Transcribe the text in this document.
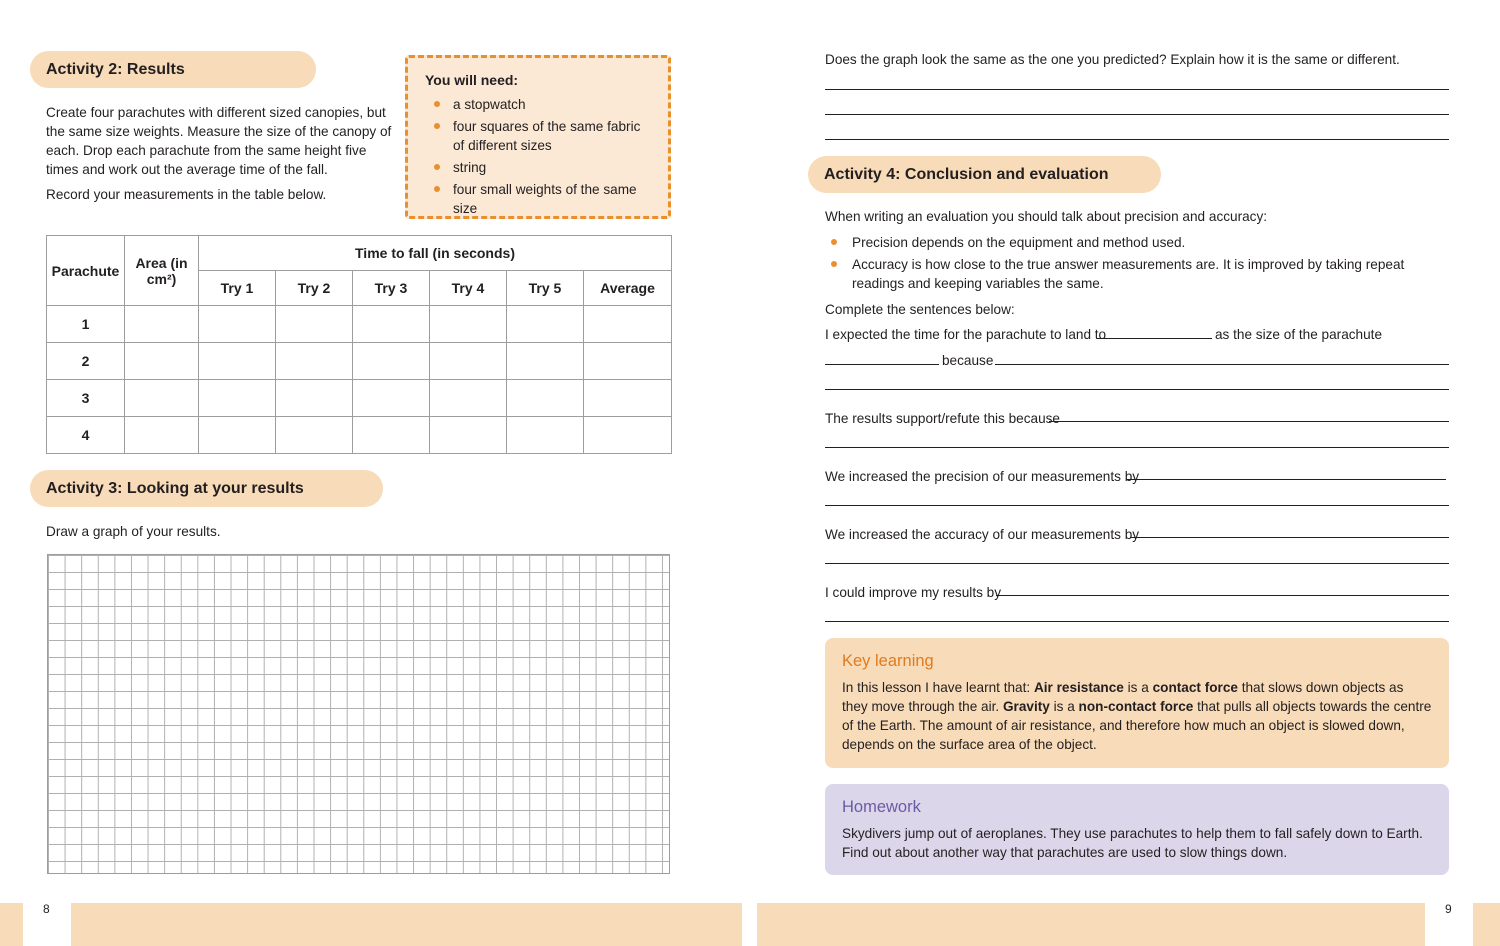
Activity 2: Results

Create four parachutes with different sized canopies, but the same size weights. Measure the size of the canopy of each. Drop each parachute from the same height five times and work out the average time of the fall.

Record your measurements in the table below.

You will need:
a stopwatch
four squares of the same fabric of different sizes
string
four small weights of the same size
Parachute	Area (in cm²)	Time to fall (in seconds)					
		Try 1	Try 2	Try 3	Try 4	Try 5	Average
1							
2							
3							
4							
Activity 3: Looking at your results

Draw a graph of your results.

Does the graph look the same as the one you predicted? Explain how it is the same or different.

Activity 4: Conclusion and evaluation

When writing an evaluation you should talk about precision and accuracy:

Precision depends on the equipment and method used.

Accuracy is how close to the true answer measurements are. It is improved by taking repeat readings and keeping variables the same.

Complete the sentences below:

I expected the time for the parachute to land to	as the size of the parachute
because
The results support/refute this because
We increased the precision of our measurements by
We increased the accuracy of our measurements by
I could improve my results by
Key learning

In this lesson I have learnt that: Air resistance is a contact force that slows down objects as they move through the air. Gravity is a non-contact force that pulls all objects towards the centre of the Earth. The amount of air resistance, and therefore how much an object is slowed down, depends on the surface area of the object.

Homework

Skydivers jump out of aeroplanes. They use parachutes to help them to fall safely down to Earth. Find out about another way that parachutes are used to slow things down.

8	9
